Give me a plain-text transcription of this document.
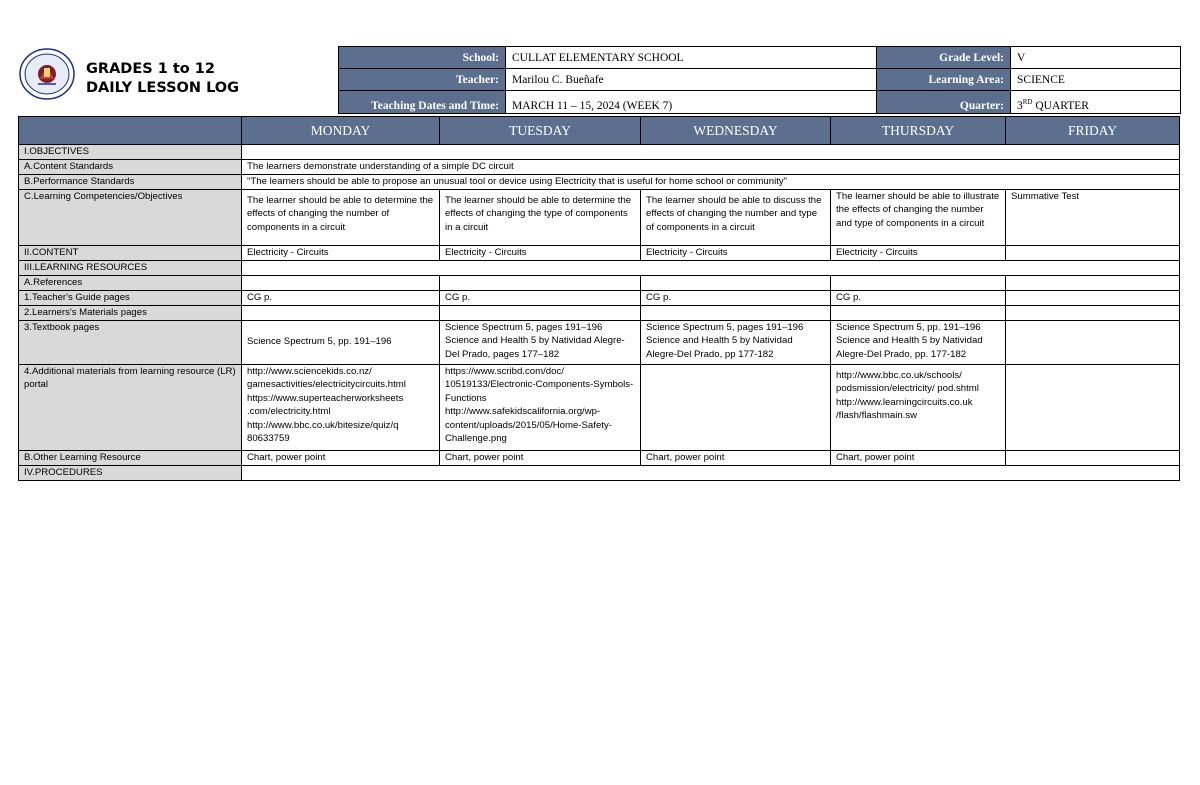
GRADES 1 to 12
DAILY LESSON LOG
School:	CULLAT ELEMENTARY SCHOOL	Grade Level:	V
Teacher:	Marilou C. Bueñafe	Learning Area:	SCIENCE
Teaching Dates and Time:	MARCH 11 – 15, 2024 (WEEK 7)	Quarter:	3RD QUARTER
	MONDAY	TUESDAY	WEDNESDAY	THURSDAY	FRIDAY
I.OBJECTIVES					
A.Content Standards	The learners demonstrate understanding of a simple DC circuit				
B.Performance Standards	"The learners should be able to propose an unusual tool or device using Electricity that is useful for home school or community"				
C.Learning Competencies/Objectives	The learner should be able to determine the effects of changing the number of components in a circuit	The learner should be able to determine the effects of changing the type of components in a circuit	The learner should be able to discuss the effects of changing the number and type of components in a circuit	The learner should be able to illustrate the effects of changing the number and type of components in a circuit	Summative Test
II.CONTENT	Electricity - Circuits	Electricity - Circuits	Electricity - Circuits	Electricity - Circuits	
III.LEARNING RESOURCES					
A.References					
1.Teacher's Guide pages	CG p.	CG p.	CG p.	CG p.	
2.Learners's Materials pages					
3.Textbook pages	Science Spectrum 5, pp. 191–196	Science Spectrum 5, pages 191–196 Science and Health 5 by Natividad Alegre-Del Prado, pages 177–182	Science Spectrum 5, pages 191–196 Science and Health 5 by Natividad Alegre-Del Prado, pp 177-182	Science Spectrum 5, pp. 191–196 Science and Health 5 by Natividad Alegre-Del Prado, pp. 177-182	
4.Additional materials from learning resource (LR) portal	http://www.sciencekids.co.nz/ gamesactivities/electricitycircuits.html https://www.superteacherworksheets .com/electricity.html http://www.bbc.co.uk/bitesize/quiz/q 80633759	https://www.scribd.com/doc/ 10519133/Electronic-Components-Symbols-Functions http://www.safekidscalifornia.org/wp-content/uploads/2015/05/Home-Safety-Challenge.png		http://www.bbc.co.uk/schools/ podsmission/electricity/ pod.shtml http://www.learningcircuits.co.uk /flash/flashmain.sw	

B.Other Learning Resource	Chart, power point	Chart, power point	Chart, power point	Chart, power point	
IV.PROCEDURES					
